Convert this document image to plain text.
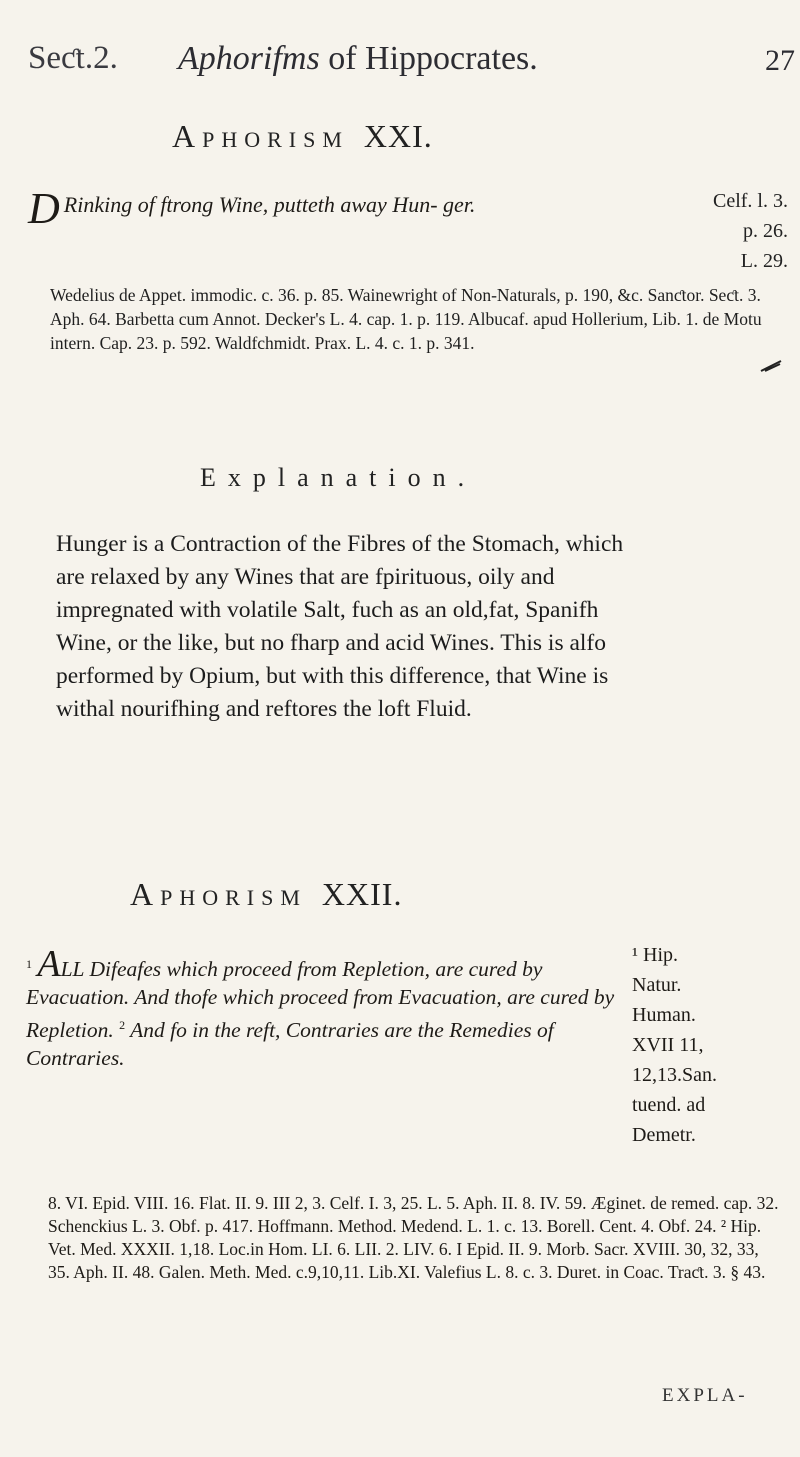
Seƈt.2. Aphorifms of Hippocrates.	27
Aphorism XXI.
D Rinking of ftrong Wine, putteth away Hun- ger.	Celf. l. 3.
p. 26.
L. 29.
Wedelius de Appet. immodic. c. 36. p. 85. Wainewright of Non-Naturals, p. 190, &c. Sanƈtor. Seƈt. 3. Aph. 64. Barbetta cum Annot. Decker's L. 4. cap. 1. p. 119. Albucaf. apud Hollerium, Lib. 1. de Motu intern. Cap. 23. p. 592. Waldfchmidt. Prax. L. 4. c. 1. p. 341.
Explanation.
Hunger is a Contraction of the Fibres of the Stomach, which are relaxed by any Wines that are fpirituous, oily and impregnated with volatile Salt, fuch as an old,fat, Spanifh Wine, or the like, but no fharp and acid Wines. This is alfo performed by Opium, but with this difference, that Wine is withal nourifhing and reftores the loft Fluid.
Aphorism XXII.
$^1$ ALL Difeafes which proceed from Repletion, are cured by Evacuation. And thofe which proceed from Evacuation, are cured by Repletion. $^2$ And fo in the reft, Contraries are the Remedies of Contraries.
¹ Hip.
Natur.
Human.
XVII 11,
12,13.San.
tuend. ad
Demetr.
8. VI. Epid. VIII. 16. Flat. II. 9. III 2, 3. Celf. I. 3, 25. L. 5. Aph. II. 8. IV. 59. Æginet. de remed. cap. 32. Schenckius L. 3. Obf. p. 417. Hoffmann. Method. Medend. L. 1. c. 13. Borell. Cent. 4. Obf. 24. ² Hip. Vet. Med. XXXII. 1,18. Loc.in Hom. LI. 6. LII. 2. LIV. 6. I Epid. II. 9. Morb. Sacr. XVIII. 30, 32, 33, 35. Aph. II. 48. Galen. Meth. Med. c.9,10,11. Lib.XI. Valefius L. 8. c. 3. Duret. in Coac. Traƈt. 3. § 43.
EXPLA-
